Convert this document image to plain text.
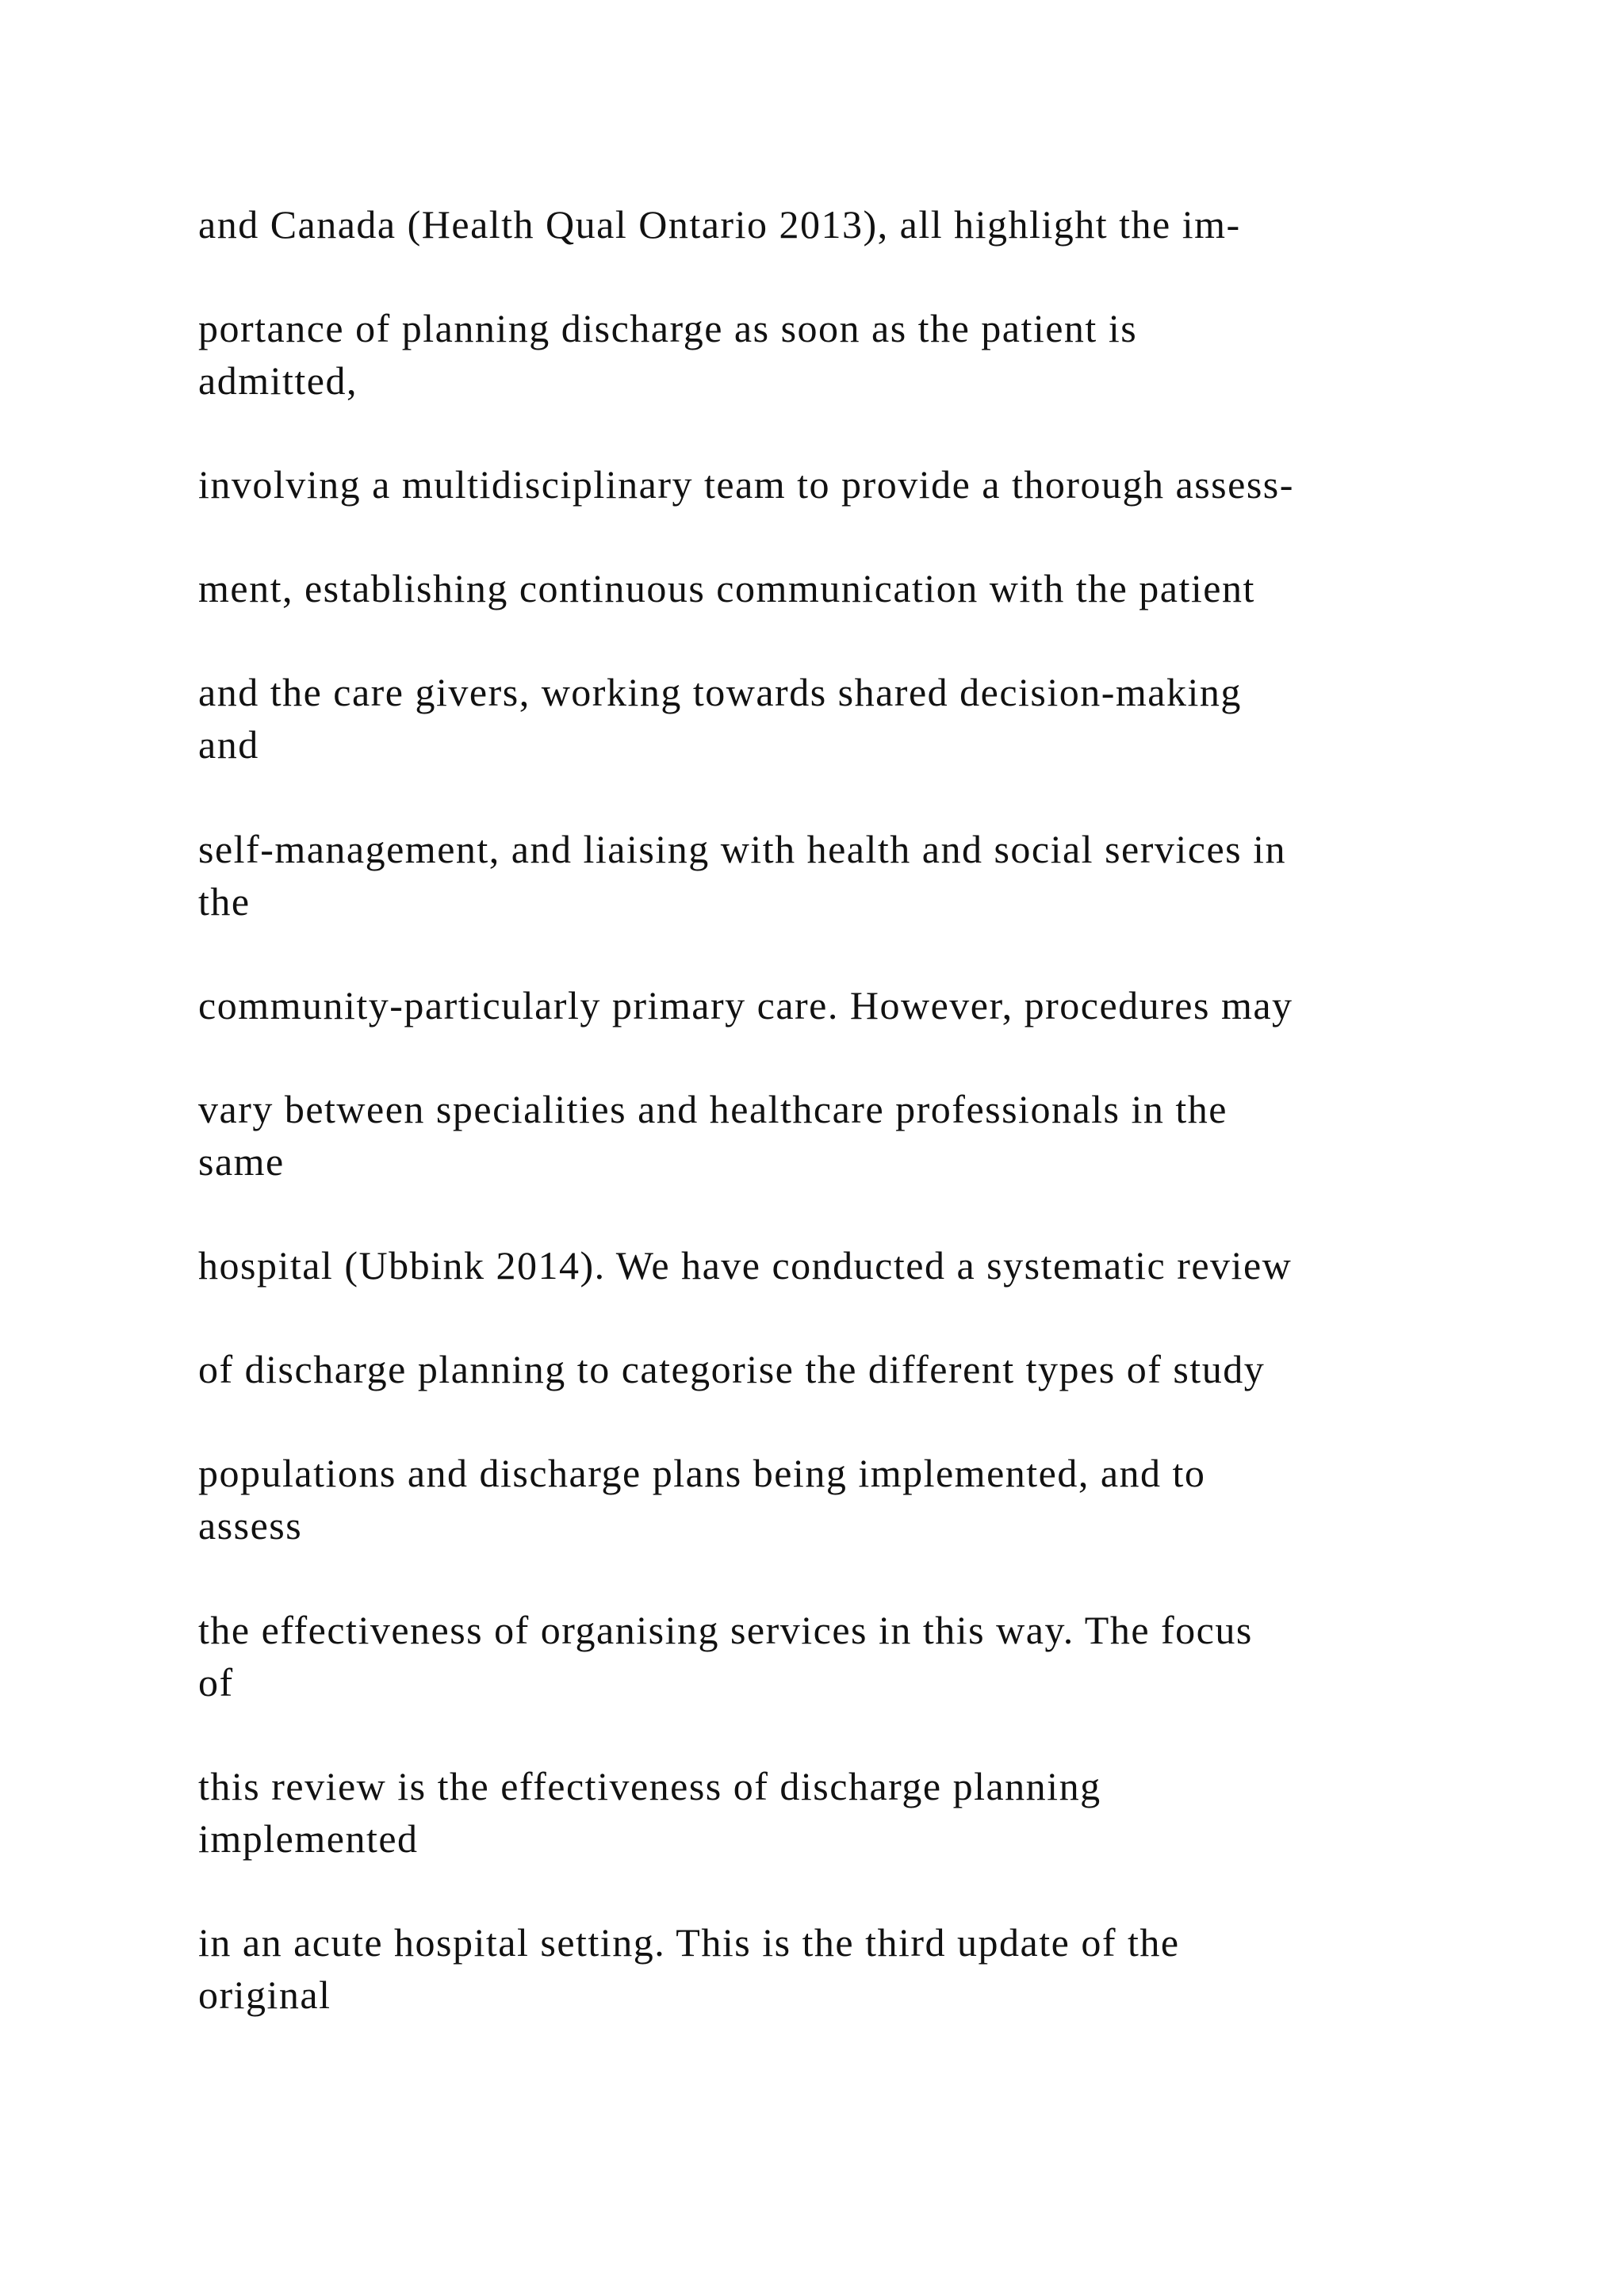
and Canada (Health Qual Ontario 2013), all highlight the im-

portance of planning discharge as soon as the patient is

admitted,

involving a multidisciplinary team to provide a thorough assess-

ment, establishing continuous communication with the patient

and the care givers, working towards shared decision-making

and

self-management, and liaising with health and social services in

the

community-particularly primary care. However, procedures may

vary between specialities and healthcare professionals in the

same

hospital (Ubbink 2014). We have conducted a systematic review

of discharge planning to categorise the different types of study

populations and discharge plans being implemented, and to

assess

the effectiveness of organising services in this way. The focus

of

this review is the effectiveness of discharge planning

implemented

in an acute hospital setting. This is the third update of the

original
